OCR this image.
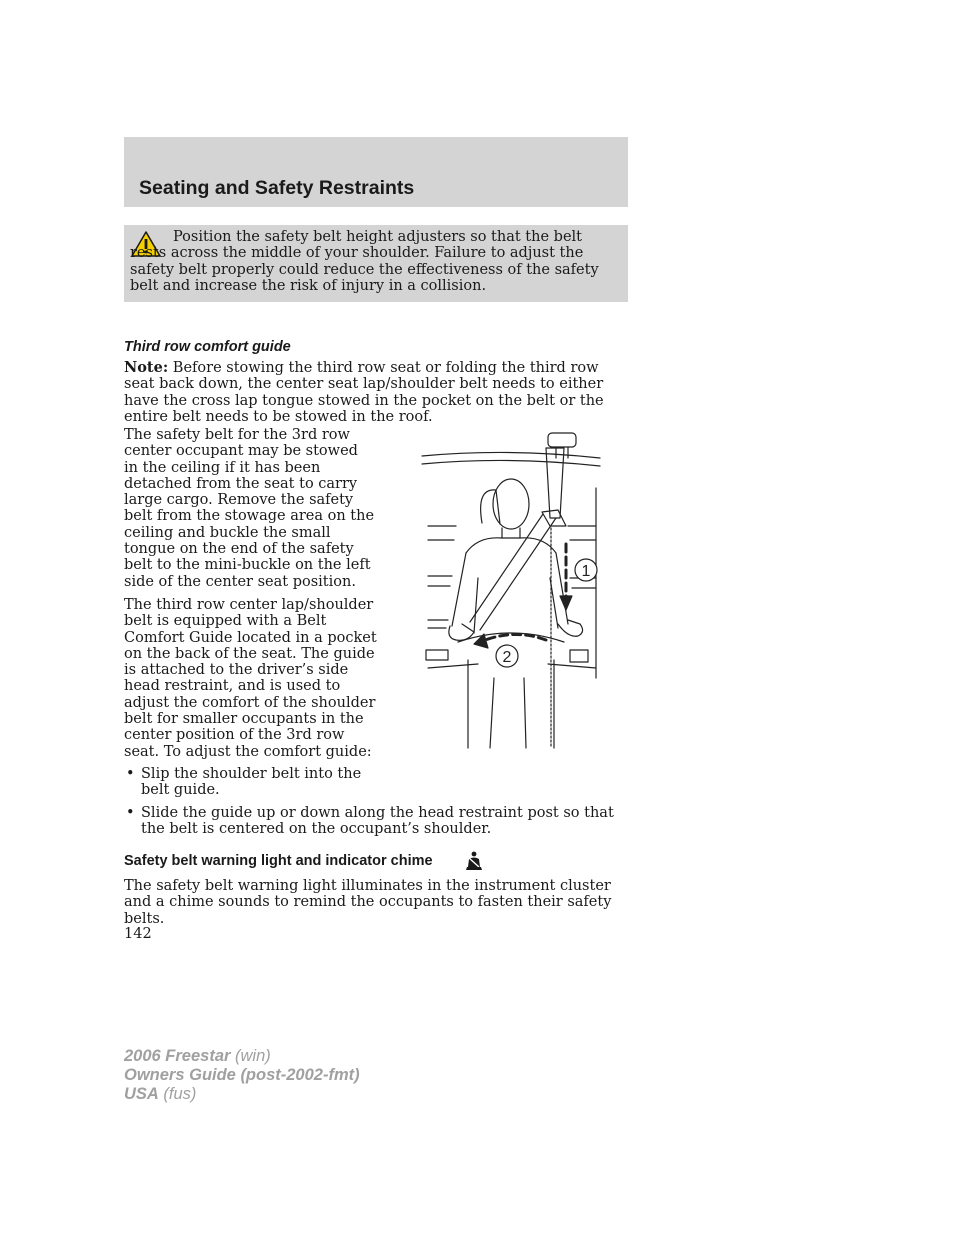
Seating and Safety Restraints

Position the safety belt height adjusters so that the belt rests across the middle of your shoulder. Failure to adjust the safety belt properly could reduce the effectiveness of the safety belt and increase the risk of injury in a collision.

Third row comfort guide

Note: Before stowing the third row seat or folding the third row seat back down, the center seat lap/shoulder belt needs to either have the cross lap tongue stowed in the pocket on the belt or the entire belt needs to be stowed in the roof.

The safety belt for the 3rd row center occupant may be stowed in the ceiling if it has been detached from the seat to carry large cargo. Remove the safety belt from the stowage area on the ceiling and buckle the small tongue on the end of the safety belt to the mini-buckle on the left side of the center seat position.

The third row center lap/shoulder belt is equipped with a Belt Comfort Guide located in a pocket on the back of the seat. The guide is attached to the driver’s side head restraint, and is used to adjust the comfort of the shoulder belt for smaller occupants in the center position of the 3rd row seat. To adjust the comfort guide:

• Slip the shoulder belt into the belt guide.
• Slide the guide up or down along the head restraint post so that the belt is centered on the occupant’s shoulder.
1
2
Safety belt warning light and indicator chime

The safety belt warning light illuminates in the instrument cluster and a chime sounds to remind the occupants to fasten their safety belts.

142

2006 Freestar (win)
Owners Guide (post-2002-fmt)
USA (fus)
